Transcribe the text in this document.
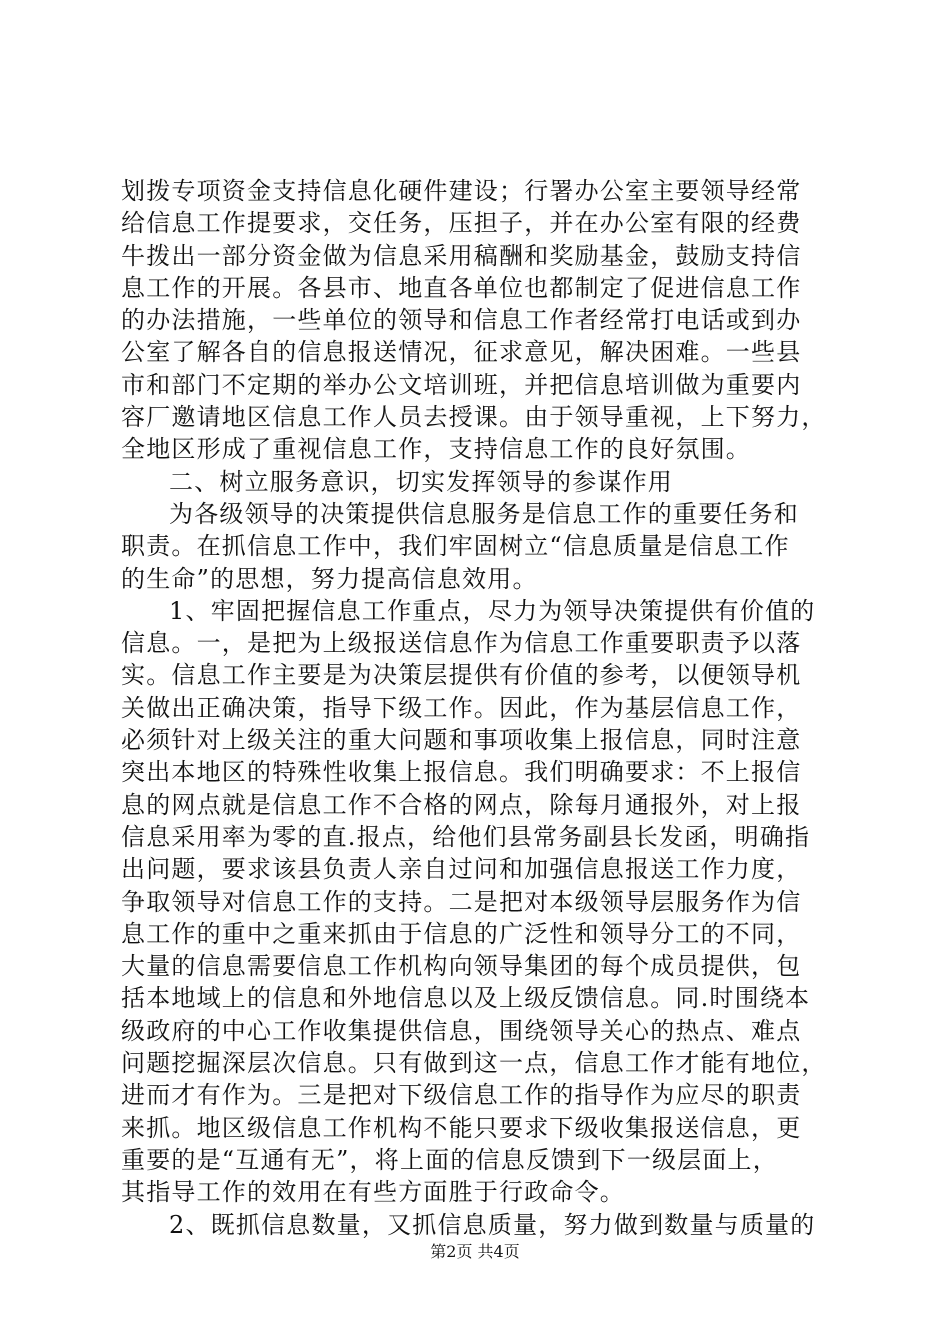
划拨专项资金支持信息化硬件建设；行署办公室主要领导经常
给信息工作提要求，交任务，压担子，并在办公室有限的经费
牛拨出一部分资金做为信息采用稿酬和奖励基金，鼓励支持信
息工作的开展。各县市、地直各单位也都制定了促进信息工作
的办法措施，一些单位的领导和信息工作者经常打电话或到办
公室了解各自的信息报送情况，征求意见，解决困难。一些县
市和部门不定期的举办公文培训班，并把信息培训做为重要内
容厂邀请地区信息工作人员去授课。由于领导重视，上下努力，
全地区形成了重视信息工作，支持信息工作的良好氛围。
二、树立服务意识，切实发挥领导的参谋作用
为各级领导的决策提供信息服务是信息工作的重要任务和
职责。在抓信息工作中，我们牢固树立“信息质量是信息工作
的生命”的思想，努力提高信息效用。
1、牢固把握信息工作重点，尽力为领导决策提供有价值的
信息。一，是把为上级报送信息作为信息工作重要职责予以落
实。信息工作主要是为决策层提供有价值的参考，以便领导机
关做出正确决策，指导下级工作。因此，作为基层信息工作，
必须针对上级关注的重大问题和事项收集上报信息，同时注意
突出本地区的特殊性收集上报信息。我们明确要求：不上报信
息的网点就是信息工作不合格的网点，除每月通报外，对上报
信息采用率为零的直.报点，给他们县常务副县长发函，明确指
出问题，要求该县负责人亲自过问和加强信息报送工作力度，
争取领导对信息工作的支持。二是把对本级领导层服务作为信
息工作的重中之重来抓由于信息的广泛性和领导分工的不同，
大量的信息需要信息工作机构向领导集团的每个成员提供，包
括本地域上的信息和外地信息以及上级反馈信息。同.时围绕本
级政府的中心工作收集提供信息，围绕领导关心的热点、难点
问题挖掘深层次信息。只有做到这一点，信息工作才能有地位，
进而才有作为。三是把对下级信息工作的指导作为应尽的职责
来抓。地区级信息工作机构不能只要求下级收集报送信息，更
重要的是“互通有无”，将上面的信息反馈到下一级层面上，
其指导工作的效用在有些方面胜于行政命令。
2、既抓信息数量，又抓信息质量，努力做到数量与质量的
第2页 共4页
